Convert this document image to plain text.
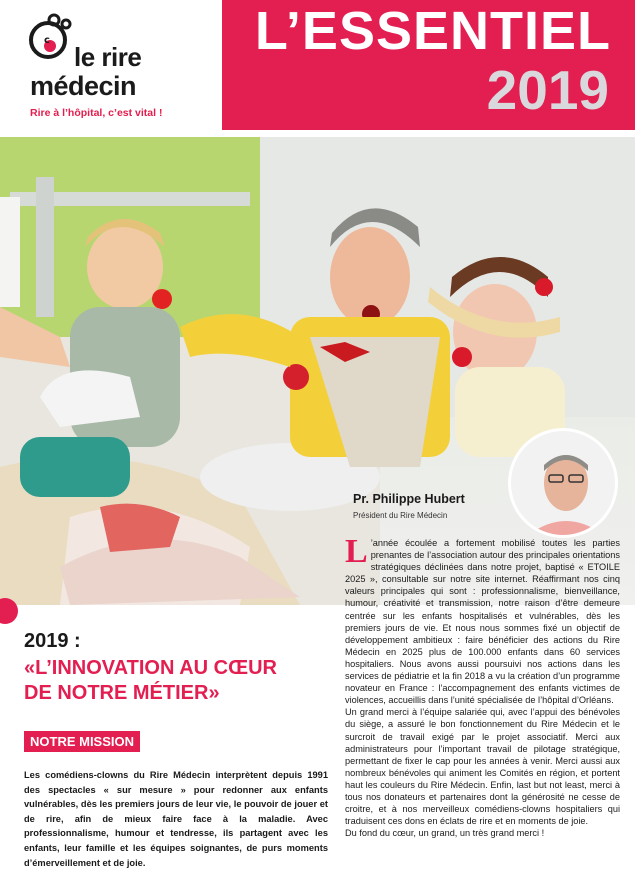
c
le rire
médecin
Rire à l’hôpital, c’est vital !
L’ESSENTIEL
2019
Pr. Philippe Hubert
Président du Rire Médecin
2019 :
«L’INNOVATION AU CŒUR
DE NOTRE MÉTIER»
NOTRE MISSION
Les comédiens-clowns du Rire Médecin interprètent depuis 1991 des spectacles « sur mesure » pour redonner aux enfants vulnérables, dès les premiers jours de leur vie, le pouvoir de jouer et de rire, afin de mieux faire face à la maladie. Avec professionnalisme, humour et tendresse, ils partagent avec les enfants, leur famille et les équipes soignantes, de purs moments d’émerveillement et de joie.
L ’année écoulée a fortement mobilisé toutes les parties prenantes de l’association autour des principales orientations stratégiques déclinées dans notre projet, baptisé « ETOILE 2025 », consultable sur notre site internet. Réaffirmant nos cinq valeurs principales qui sont : professionnalisme, bienveillance, humour, créativité et transmission, notre raison d’être demeure centrée sur les enfants hospitalisés et vulnérables, dès les premiers jours de vie. Et nous nous sommes fixé un objectif de développement ambitieux : faire bénéficier des actions du Rire Médecin en 2025 plus de 100.000 enfants dans 60 services hospitaliers. Nous avons aussi poursuivi nos actions dans les services de pédiatrie et la fin 2018 a vu la création d’un programme novateur en France : l’accompagnement des enfants victimes de violences, accueillis dans l’unité spécialisée de l’hôpital d’Orléans.

Un grand merci à l’équipe salariée qui, avec l’appui des bénévoles du siège, a assuré le bon fonctionnement du Rire Médecin et le surcroit de travail exigé par le projet associatif. Merci aux administrateurs pour l’important travail de pilotage stratégique, permettant de fixer le cap pour les années à venir. Merci aussi aux nombreux bénévoles qui animent les Comités en région, et portent haut les couleurs du Rire Médecin. Enfin, last but not least, merci à tous nos donateurs et partenaires dont la générosité ne cesse de croitre, et à nos merveilleux comédiens-clowns hospitaliers qui traduisent ces dons en éclats de rire et en moments de joie.

Du fond du cœur, un grand, un très grand merci !
